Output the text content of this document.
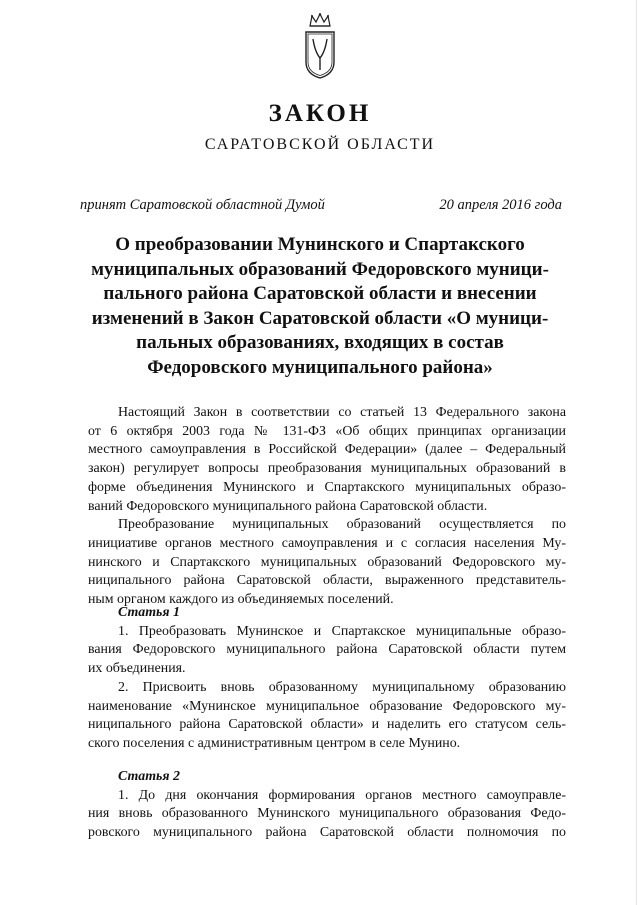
ЗАКОН
САРАТОВСКОЙ ОБЛАСТИ
принят Саратовской областной Думой	20 апреля 2016 года
О преобразовании Мунинского и Спартакского
муниципальных образований Федоровского муници-
пального района Саратовской области и внесении
изменений в Закон Саратовской области «О муници-
пальных образованиях, входящих в состав
Федоровского муниципального района»
Настоящий Закон в соответствии со статьей 13 Федерального закона
от 6 октября 2003 года № 131-ФЗ «Об общих принципах организации
местного самоуправления в Российской Федерации» (далее – Федеральный
закон) регулирует вопросы преобразования муниципальных образований в
форме объединения Мунинского и Спартакского муниципальных образо-
ваний Федоровского муниципального района Саратовской области.
Преобразование муниципальных образований осуществляется по
инициативе органов местного самоуправления и с согласия населения Му-
нинского и Спартакского муниципальных образований Федоровского му-
ниципального района Саратовской области, выраженного представитель-
ным органом каждого из объединяемых поселений.
Статья 1
1. Преобразовать Мунинское и Спартакское муниципальные образо-
вания Федоровского муниципального района Саратовской области путем
их объединения.
2. Присвоить вновь образованному муниципальному образованию
наименование «Мунинское муниципальное образование Федоровского му-
ниципального района Саратовской области» и наделить его статусом сель-
ского поселения с административным центром в селе Мунино.
Статья 2
1. До дня окончания формирования органов местного самоуправле-
ния вновь образованного Мунинского муниципального образования Федо-
ровского муниципального района Саратовской области полномочия по
